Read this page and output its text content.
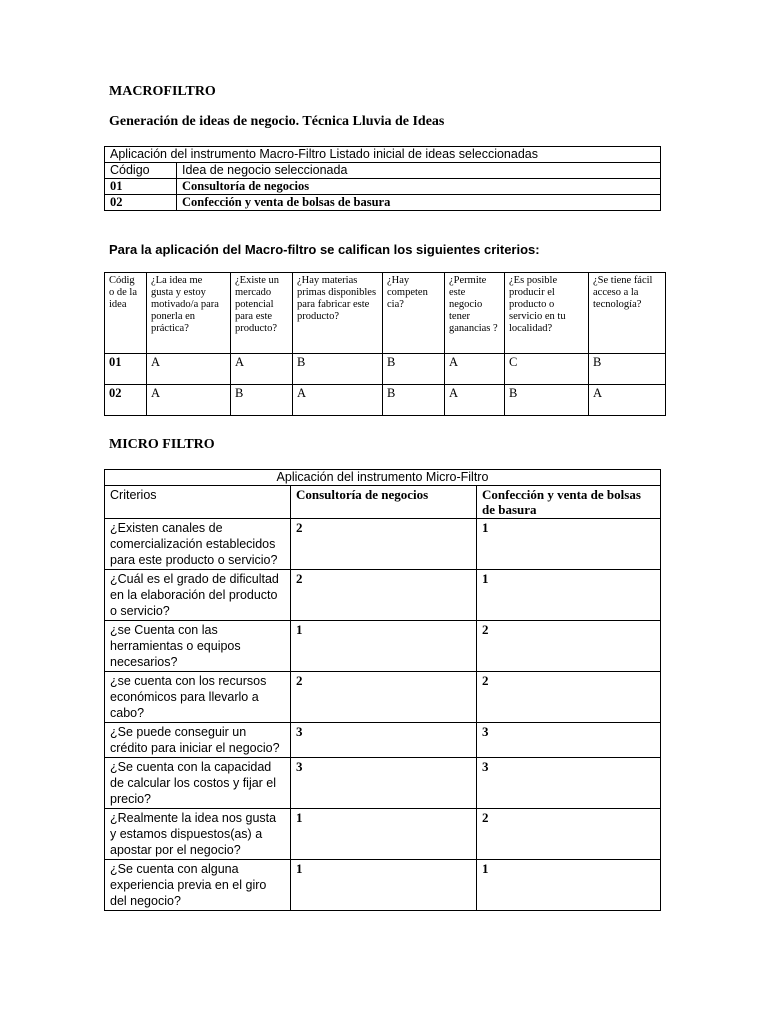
MACROFILTRO
Generación de ideas de negocio. Técnica Lluvia de Ideas
Aplicación del instrumento Macro-Filtro Listado inicial de ideas seleccionadas	
Código	Idea de negocio seleccionada
01	Consultoría de negocios
02	Confección y venta de bolsas de basura

Para la aplicación del Macro-filtro se califican los siguientes criterios:

Códig o de la idea	¿La idea me gusta y estoy motivado/a para ponerla en práctica?	¿Existe un mercado potencial para este producto?	¿Hay materias primas disponibles para fabricar este producto?	¿Hay competen cia?	¿Permite este negocio tener ganancias ?	¿Es posible producir el producto o servicio en tu localidad?	¿Se tiene fácil acceso a la tecnología?
01	A	A	B	B	A	C	B
02	A	B	A	B	A	B	A
MICRO FILTRO
Aplicación del instrumento Micro-Filtro		
Criterios	Consultoría de negocios	Confección y venta de bolsas de basura
¿Existen canales de comercialización establecidos para este producto o servicio?	2	1
¿Cuál es el grado de dificultad en la elaboración del producto o servicio?	2	1
¿se Cuenta con las herramientas o equipos necesarios?	1	2
¿se cuenta con los recursos económicos para llevarlo a cabo?	2	2
¿Se puede conseguir un crédito para iniciar el negocio?	3	3
¿Se cuenta con la capacidad de calcular los costos y fijar el precio?	3	3
¿Realmente la idea nos gusta y estamos dispuestos(as) a apostar por el negocio?	1	2
¿Se cuenta con alguna experiencia previa en el giro del negocio?	1	1
